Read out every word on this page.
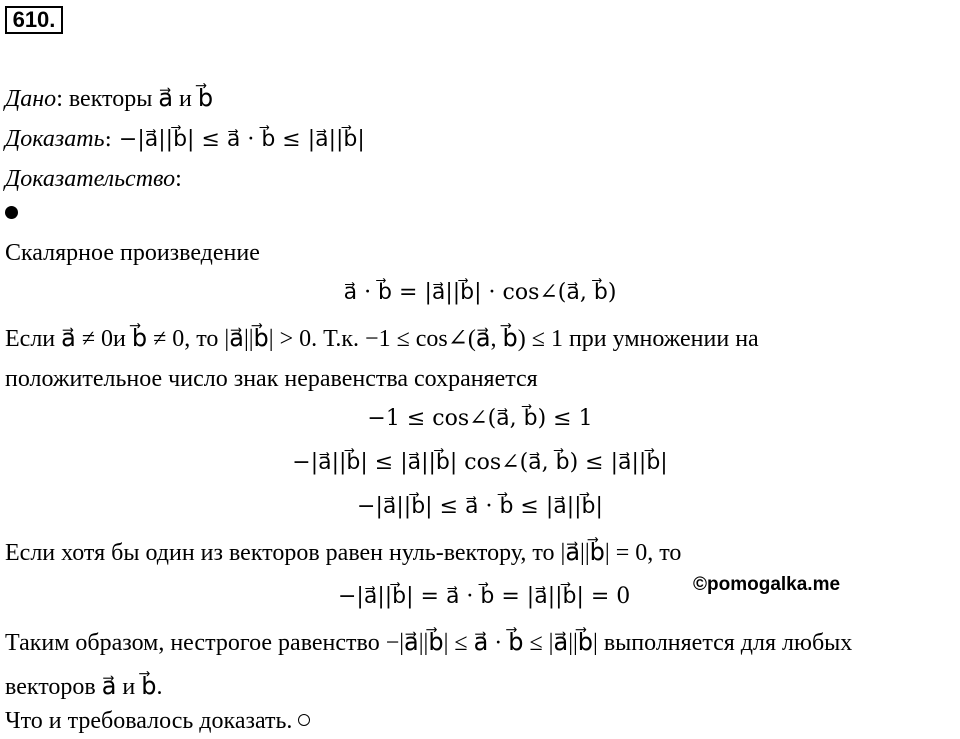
610.
Дано: векторы a⃗ и b⃗
Доказать: −|a⃗||b⃗| ≤ a⃗ · b⃗ ≤ |a⃗||b⃗|
Доказательство:
Скалярное произведение
a⃗ · b⃗ = |a⃗||b⃗| · cos∠(a⃗, b⃗)
Если a⃗ ≠ 0и b⃗ ≠ 0, то |a⃗||b⃗| > 0. Т.к. −1 ≤ cos∠(a⃗, b⃗) ≤ 1 при умножении на
положительное число знак неравенства сохраняется
−1 ≤ cos∠(a⃗, b⃗) ≤ 1
−|a⃗||b⃗| ≤ |a⃗||b⃗| cos∠(a⃗, b⃗) ≤ |a⃗||b⃗|
−|a⃗||b⃗| ≤ a⃗ · b⃗ ≤ |a⃗||b⃗|
Если хотя бы один из векторов равен нуль-вектору, то |a⃗||b⃗| = 0, то
−|a⃗||b⃗| = a⃗ · b⃗ = |a⃗||b⃗| = 0	©pomogalka.me
Таким образом, нестрогое равенство −|a⃗||b⃗| ≤ a⃗ · b⃗ ≤ |a⃗||b⃗| выполняется для любых
векторов a⃗ и b⃗.
Что и требовалось доказать.
